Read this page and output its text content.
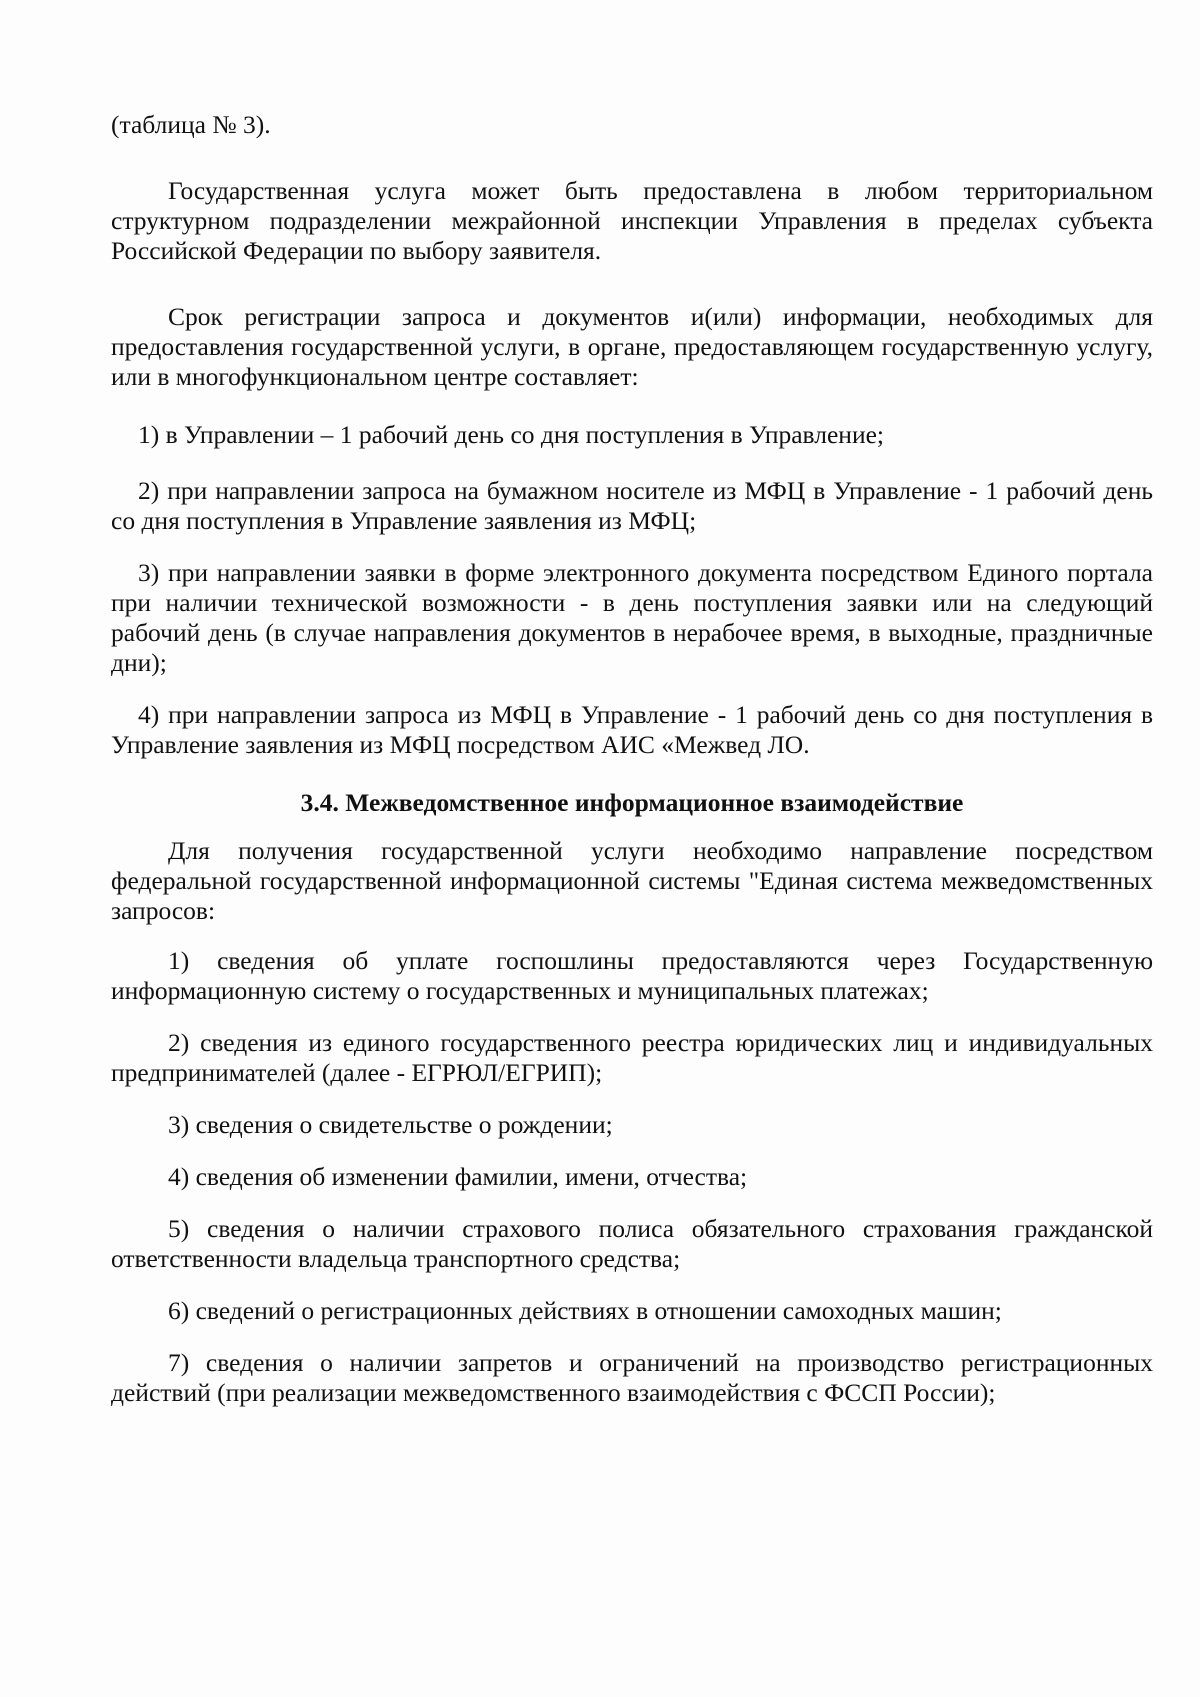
(таблица № 3).

Государственная услуга может быть предоставлена в любом территориальном структурном подразделении межрайонной инспекции Управления в пределах субъекта Российской Федерации по выбору заявителя.

Срок регистрации запроса и документов и(или) информации, необходимых для предоставления государственной услуги, в органе, предоставляющем государственную услугу, или в многофункциональном центре составляет:

1) в Управлении – 1 рабочий день со дня поступления в Управление;

2) при направлении запроса на бумажном носителе из МФЦ в Управление - 1 рабочий день со дня поступления в Управление заявления из МФЦ;

3) при направлении заявки в форме электронного документа посредством Единого портала при наличии технической возможности - в день поступления заявки или на следующий рабочий день (в случае направления документов в нерабочее время, в выходные, праздничные дни);

4) при направлении запроса из МФЦ в Управление - 1 рабочий день со дня поступления в Управление заявления из МФЦ посредством АИС «Межвед ЛО.

3.4. Межведомственное информационное взаимодействие

Для получения государственной услуги необходимо направление посредством федеральной государственной информационной системы "Единая система межведомственных запросов:

1) сведения об уплате госпошлины предоставляются через Государственную информационную систему о государственных и муниципальных платежах;

2) сведения из единого государственного реестра юридических лиц и индивидуальных предпринимателей (далее - ЕГРЮЛ/ЕГРИП);

3) сведения о свидетельстве о рождении;

4) сведения об изменении фамилии, имени, отчества;

5) сведения о наличии страхового полиса обязательного страхования гражданской ответственности владельца транспортного средства;

6) сведений о регистрационных действиях в отношении самоходных машин;

7) сведения о наличии запретов и ограничений на производство регистрационных действий (при реализации межведомственного взаимодействия с ФССП России);
